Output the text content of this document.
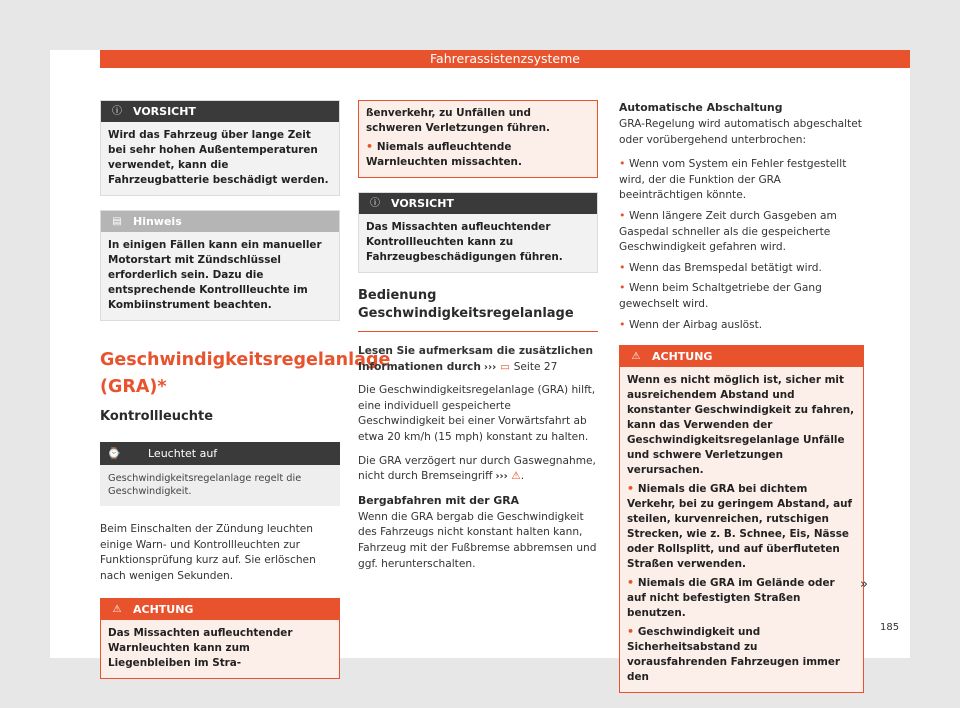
Fahrerassistenzsysteme
ⓘ VORSICHT
Wird das Fahrzeug über lange Zeit bei sehr hohen Außentemperaturen verwendet, kann die Fahrzeugbatterie beschädigt werden.
▤ Hinweis
In einigen Fällen kann ein manueller Motorstart mit Zündschlüssel erforderlich sein. Dazu die entsprechende Kontrollleuchte im Kombiinstrument beachten.
Geschwindigkeitsregelanlage (GRA)*
Kontrollleuchte
⌚	Leuchtet auf
Geschwindigkeitsregelanlage regelt die Geschwindigkeit.

Beim Einschalten der Zündung leuchten einige Warn- und Kontrollleuchten zur Funktionsprüfung kurz auf. Sie erlöschen nach wenigen Sekunden.

⚠ ACHTUNG
Das Missachten aufleuchtender Warnleuchten kann zum Liegenbleiben im Stra-
ßenverkehr, zu Unfällen und schweren Verletzungen führen.
• Niemals aufleuchtende Warnleuchten missachten.
ⓘ VORSICHT
Das Missachten aufleuchtender Kontrollleuchten kann zu Fahrzeugbeschädigungen führen.
Bedienung Geschwindigkeitsregelanlage

Lesen Sie aufmerksam die zusätzlichen Informationen durch ››› ▭ Seite 27

Die Geschwindigkeitsregelanlage (GRA) hilft, eine individuell gespeicherte Geschwindigkeit bei einer Vorwärtsfahrt ab etwa 20 km/h (15 mph) konstant zu halten.

Die GRA verzögert nur durch Gaswegnahme, nicht durch Bremseingriff ››› ⚠.

Bergabfahren mit der GRA

Wenn die GRA bergab die Geschwindigkeit des Fahrzeugs nicht konstant halten kann, Fahrzeug mit der Fußbremse abbremsen und ggf. herunterschalten.

Automatische Abschaltung

GRA-Regelung wird automatisch abgeschaltet oder vorübergehend unterbrochen:

• Wenn vom System ein Fehler festgestellt wird, der die Funktion der GRA beeinträchtigen könnte.
• Wenn längere Zeit durch Gasgeben am Gaspedal schneller als die gespeicherte Geschwindigkeit gefahren wird.
• Wenn das Bremspedal betätigt wird.
• Wenn beim Schaltgetriebe der Gang gewechselt wird.
• Wenn der Airbag auslöst.
⚠ ACHTUNG
Wenn es nicht möglich ist, sicher mit ausreichendem Abstand und konstanter Geschwindigkeit zu fahren, kann das Verwenden der Geschwindigkeitsregelanlage Unfälle und schwere Verletzungen verursachen.
• Niemals die GRA bei dichtem Verkehr, bei zu geringem Abstand, auf steilen, kurvenreichen, rutschigen Strecken, wie z. B. Schnee, Eis, Nässe oder Rollsplitt, und auf überfluteten Straßen verwenden.
• Niemals die GRA im Gelände oder auf nicht befestigten Straßen benutzen.
• Geschwindigkeit und Sicherheitsabstand zu vorausfahrenden Fahrzeugen immer den
»
185
